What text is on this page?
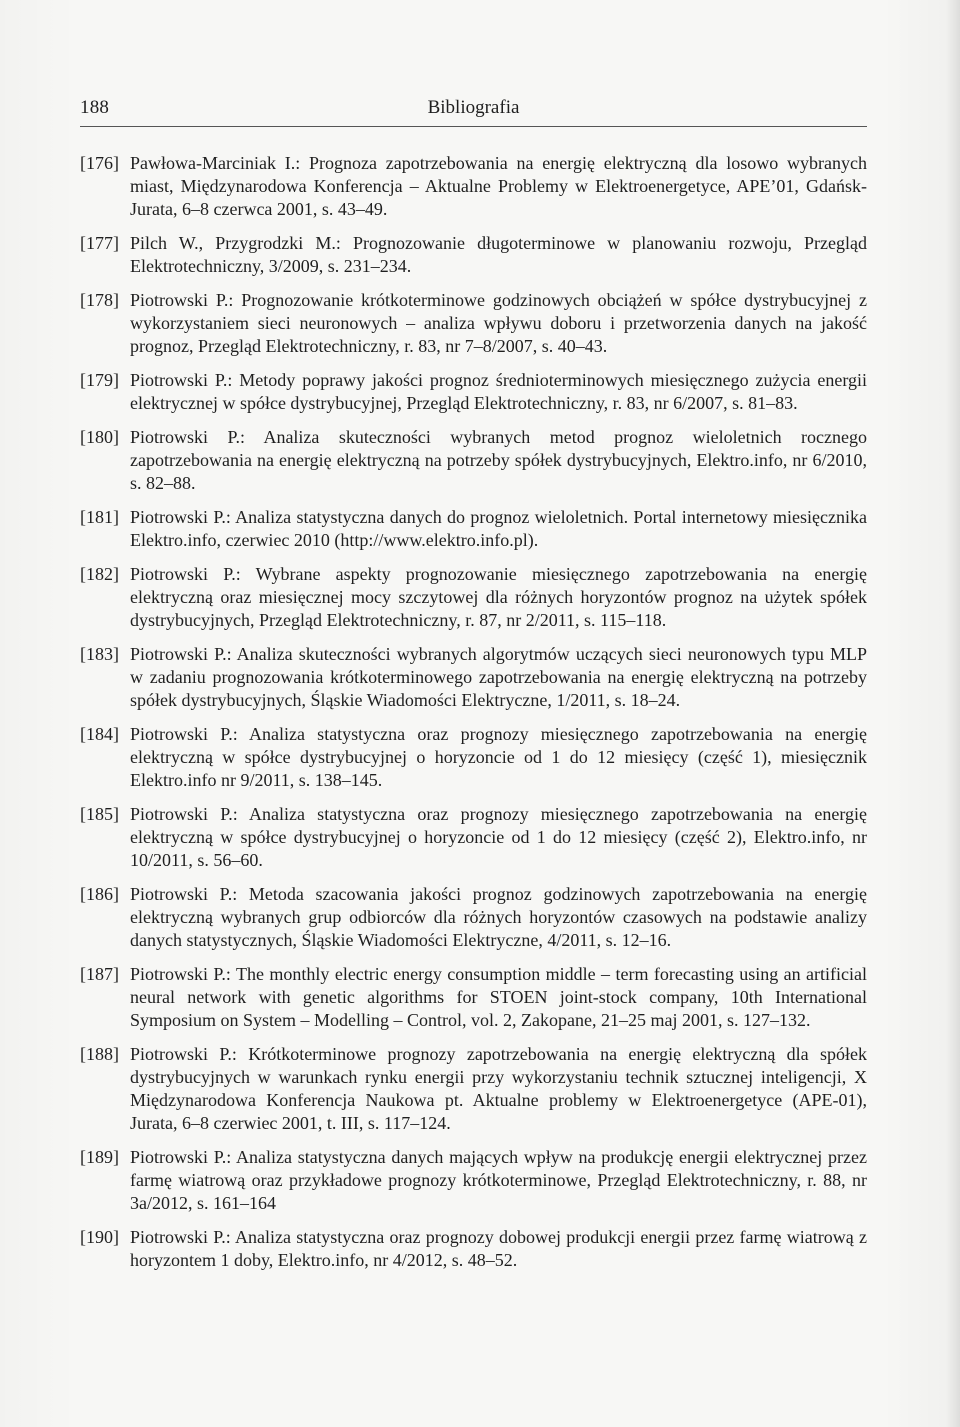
188	Bibliografia
[176] Pawłowa-Marciniak I.: Prognoza zapotrzebowania na energię elektryczną dla losowo wybranych miast, Międzynarodowa Konferencja – Aktualne Problemy w Elektroenergetyce, APE’01, Gdańsk-Jurata, 6–8 czerwca 2001, s. 43–49.
[177] Pilch W., Przygrodzki M.: Prognozowanie długoterminowe w planowaniu rozwoju, Przegląd Elektrotechniczny, 3/2009, s. 231–234.
[178] Piotrowski P.: Prognozowanie krótkoterminowe godzinowych obciążeń w spółce dystrybucyjnej z wykorzystaniem sieci neuronowych – analiza wpływu doboru i przetworzenia danych na jakość prognoz, Przegląd Elektrotechniczny, r. 83, nr 7–8/2007, s. 40–43.
[179] Piotrowski P.: Metody poprawy jakości prognoz średnioterminowych miesięcznego zużycia energii elektrycznej w spółce dystrybucyjnej, Przegląd Elektrotechniczny, r. 83, nr 6/2007, s. 81–83.
[180] Piotrowski P.: Analiza skuteczności wybranych metod prognoz wieloletnich rocznego zapotrzebowania na energię elektryczną na potrzeby spółek dystrybucyjnych, Elektro.info, nr 6/2010, s. 82–88.
[181] Piotrowski P.: Analiza statystyczna danych do prognoz wieloletnich. Portal internetowy miesięcznika Elektro.info, czerwiec 2010 (http://www.elektro.info.pl).
[182] Piotrowski P.: Wybrane aspekty prognozowanie miesięcznego zapotrzebowania na energię elektryczną oraz miesięcznej mocy szczytowej dla różnych horyzontów prognoz na użytek spółek dystrybucyjnych, Przegląd Elektrotechniczny, r. 87, nr 2/2011, s. 115–118.
[183] Piotrowski P.: Analiza skuteczności wybranych algorytmów uczących sieci neuronowych typu MLP w zadaniu prognozowania krótkoterminowego zapotrzebowania na energię elektryczną na potrzeby spółek dystrybucyjnych, Śląskie Wiadomości Elektryczne, 1/2011, s. 18–24.
[184] Piotrowski P.: Analiza statystyczna oraz prognozy miesięcznego zapotrzebowania na energię elektryczną w spółce dystrybucyjnej o horyzoncie od 1 do 12 miesięcy (część 1), miesięcznik Elektro.info nr 9/2011, s. 138–145.
[185] Piotrowski P.: Analiza statystyczna oraz prognozy miesięcznego zapotrzebowania na energię elektryczną w spółce dystrybucyjnej o horyzoncie od 1 do 12 miesięcy (część 2), Elektro.info, nr 10/2011, s. 56–60.
[186] Piotrowski P.: Metoda szacowania jakości prognoz godzinowych zapotrzebowania na energię elektryczną wybranych grup odbiorców dla różnych horyzontów czasowych na podstawie analizy danych statystycznych, Śląskie Wiadomości Elektryczne, 4/2011, s. 12–16.
[187] Piotrowski P.: The monthly electric energy consumption middle – term forecasting using an artificial neural network with genetic algorithms for STOEN joint-stock company, 10th International Symposium on System – Modelling – Control, vol. 2, Zakopane, 21–25 maj 2001, s. 127–132.
[188] Piotrowski P.: Krótkoterminowe prognozy zapotrzebowania na energię elektryczną dla spółek dystrybucyjnych w warunkach rynku energii przy wykorzystaniu technik sztucznej inteligencji, X Międzynarodowa Konferencja Naukowa pt. Aktualne problemy w Elektroenergetyce (APE-01), Jurata, 6–8 czerwiec 2001, t. III, s. 117–124.
[189] Piotrowski P.: Analiza statystyczna danych mających wpływ na produkcję energii elektrycznej przez farmę wiatrową oraz przykładowe prognozy krótkoterminowe, Przegląd Elektrotechniczny, r. 88, nr 3a/2012, s. 161–164
[190] Piotrowski P.: Analiza statystyczna oraz prognozy dobowej produkcji energii przez farmę wiatrową z horyzontem 1 doby, Elektro.info, nr 4/2012, s. 48–52.
